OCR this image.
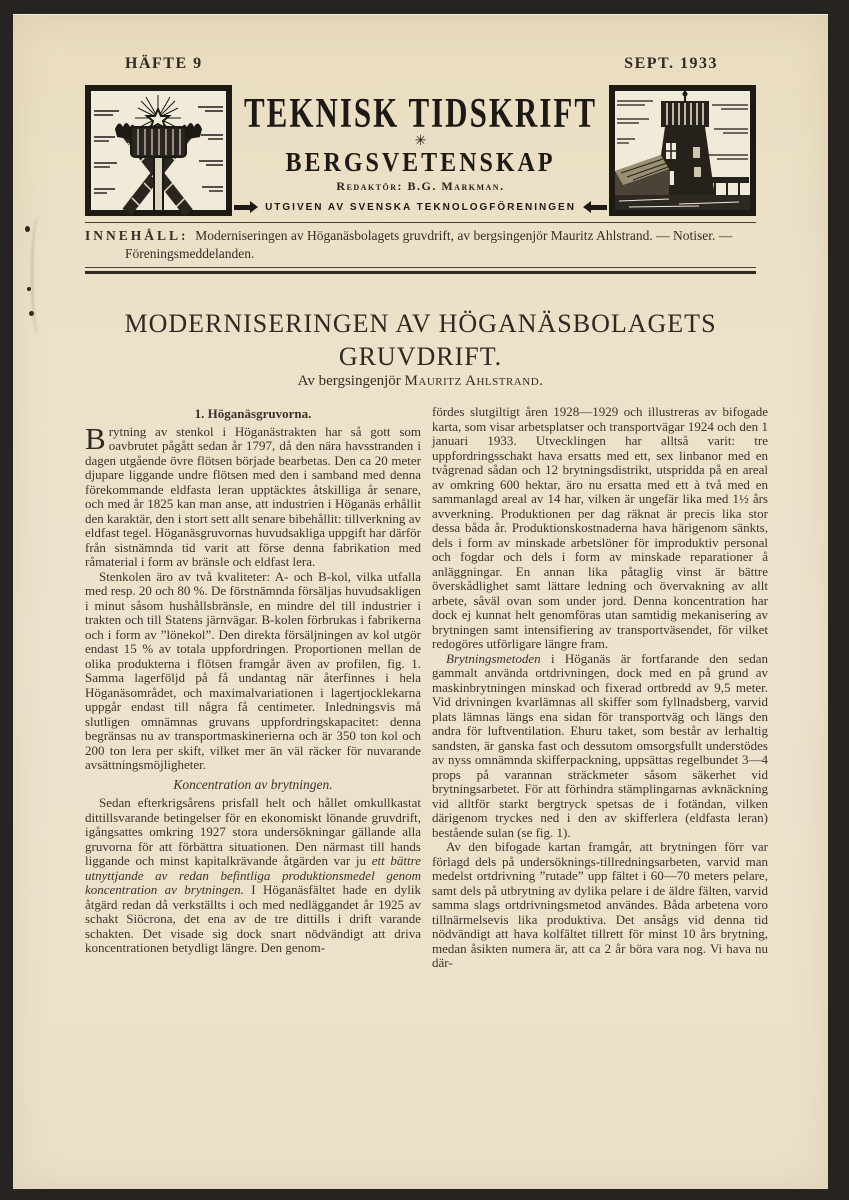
HÄFTE 9	SEPT. 1933
TEKNISK TIDSKRIFT
✳
BERGSVETENSKAP
Redaktör: B.G. Markman.
UTGIVEN AV SVENSKA TEKNOLOGFÖRENINGEN

INNEHÅLL: Moderniseringen av Höganäsbolagets gruvdrift, av bergsingenjör Mauritz Ahlstrand. — Notiser. — Föreningsmeddelanden.

MODERNISERINGEN AV HÖGANÄSBOLAGETS
GRUVDRIFT.
Av bergsingenjör Mauritz Ahlstrand.
1. Höganäsgruvorna.

Brytning av stenkol i Höganästrakten har så gott som oavbrutet pågått sedan år 1797, då den nära havsstranden i dagen utgående övre flötsen började bearbetas. Den ca 20 meter djupare liggande undre flötsen med den i samband med denna förekommande eldfasta leran upptäcktes åtskilliga år senare, och med år 1825 kan man anse, att industrien i Höganäs erhållit den karaktär, den i stort sett allt senare bibehållit: tillverkning av eldfast tegel. Höganäsgruvornas huvudsakliga uppgift har därför från sistnämnda tid varit att förse denna fabrikation med råmaterial i form av bränsle och eldfast lera.

Stenkolen äro av två kvaliteter: A- och B-kol, vilka utfalla med resp. 20 och 80 %. De förstnämnda försäljas huvudsakligen i minut såsom hushållsbränsle, en mindre del till industrier i trakten och till Statens järnvägar. B-kolen förbrukas i fabrikerna och i form av ”lönekol”. Den direkta försäljningen av kol utgör endast 15 % av totala uppfordringen. Proportionen mellan de olika produkterna i flötsen framgår även av profilen, fig. 1. Samma lagerföljd på få undantag när återfinnes i hela Höganäsområdet, och maximalvariationen i lagertjocklekarna uppgår endast till några få centimeter. Inledningsvis må slutligen omnämnas gruvans uppfordringskapacitet: denna begränsas nu av transportmaskinerierna och är 350 ton kol och 200 ton lera per skift, vilket mer än väl räcker för nuvarande avsättningsmöjligheter.

Koncentration av brytningen.

Sedan efterkrigsårens prisfall helt och hållet omkullkastat dittillsvarande betingelser för en ekonomiskt lönande gruvdrift, igångsattes omkring 1927 stora undersökningar gällande alla gruvorna för att förbättra situationen. Den närmast till hands liggande och minst kapitalkrävande åtgärden var ju ett bättre utnyttjande av redan befintliga produktionsmedel genom koncentration av brytningen. I Höganäsfältet hade en dylik åtgärd redan då verkställts i och med nedläggandet år 1925 av schakt Siöcrona, det ena av de tre dittills i drift varande schakten. Det visade sig dock snart nödvändigt att driva koncentrationen betydligt längre. Den genom-

fördes slutgiltigt åren 1928—1929 och illustreras av bifogade karta, som visar arbetsplatser och transportvägar 1924 och den 1 januari 1933. Utvecklingen har alltså varit: tre uppfordringsschakt hava ersatts med ett, sex linbanor med en tvågrenad sådan och 12 brytningsdistrikt, utspridda på en areal av omkring 600 hektar, äro nu ersatta med ett à två med en sammanlagd areal av 14 har, vilken är ungefär lika med 1½ års avverkning. Produktionen per dag räknat är precis lika stor dessa båda år. Produktionskostnaderna hava härigenom sänkts, dels i form av minskade arbetslöner för improduktiv personal och fogdar och dels i form av minskade reparationer å anläggningar. En annan lika påtaglig vinst är bättre överskådlighet samt lättare ledning och övervakning av allt arbete, såväl ovan som under jord. Denna koncentration har dock ej kunnat helt genomföras utan samtidig mekanisering av brytningen samt intensifiering av transportväsendet, för vilket redogöres utförligare längre fram.

Brytningsmetoden i Höganäs är fortfarande den sedan gammalt använda ortdrivningen, dock med en på grund av maskinbrytningen minskad och fixerad ortbredd av 9,5 meter. Vid drivningen kvarlämnas all skiffer som fyllnadsberg, varvid plats lämnas längs ena sidan för transportväg och längs den andra för luftventilation. Ehuru taket, som består av lerhaltig sandsten, är ganska fast och dessutom omsorgsfullt understödes av nyss omnämnda skifferpackning, uppsättas regelbundet 3—4 props på varannan sträckmeter såsom säkerhet vid brytningsarbetet. För att förhindra stämplingarnas avknäckning vid alltför starkt bergtryck spetsas de i fotändan, vilken därigenom tryckes ned i den av skifferlera (eldfasta leran) bestående sulan (se fig. 1).

Av den bifogade kartan framgår, att brytningen förr var förlagd dels på undersöknings-tillredningsarbeten, varvid man medelst ortdrivning ”rutade” upp fältet i 60—70 meters pelare, samt dels på utbrytning av dylika pelare i de äldre fälten, varvid samma slags ortdrivningsmetod användes. Båda arbetena voro tillnärmelsevis lika produktiva. Det ansågs vid denna tid nödvändigt att hava kolfältet tillrett för minst 10 års brytning, medan åsikten numera är, att ca 2 år böra vara nog. Vi hava nu där-
